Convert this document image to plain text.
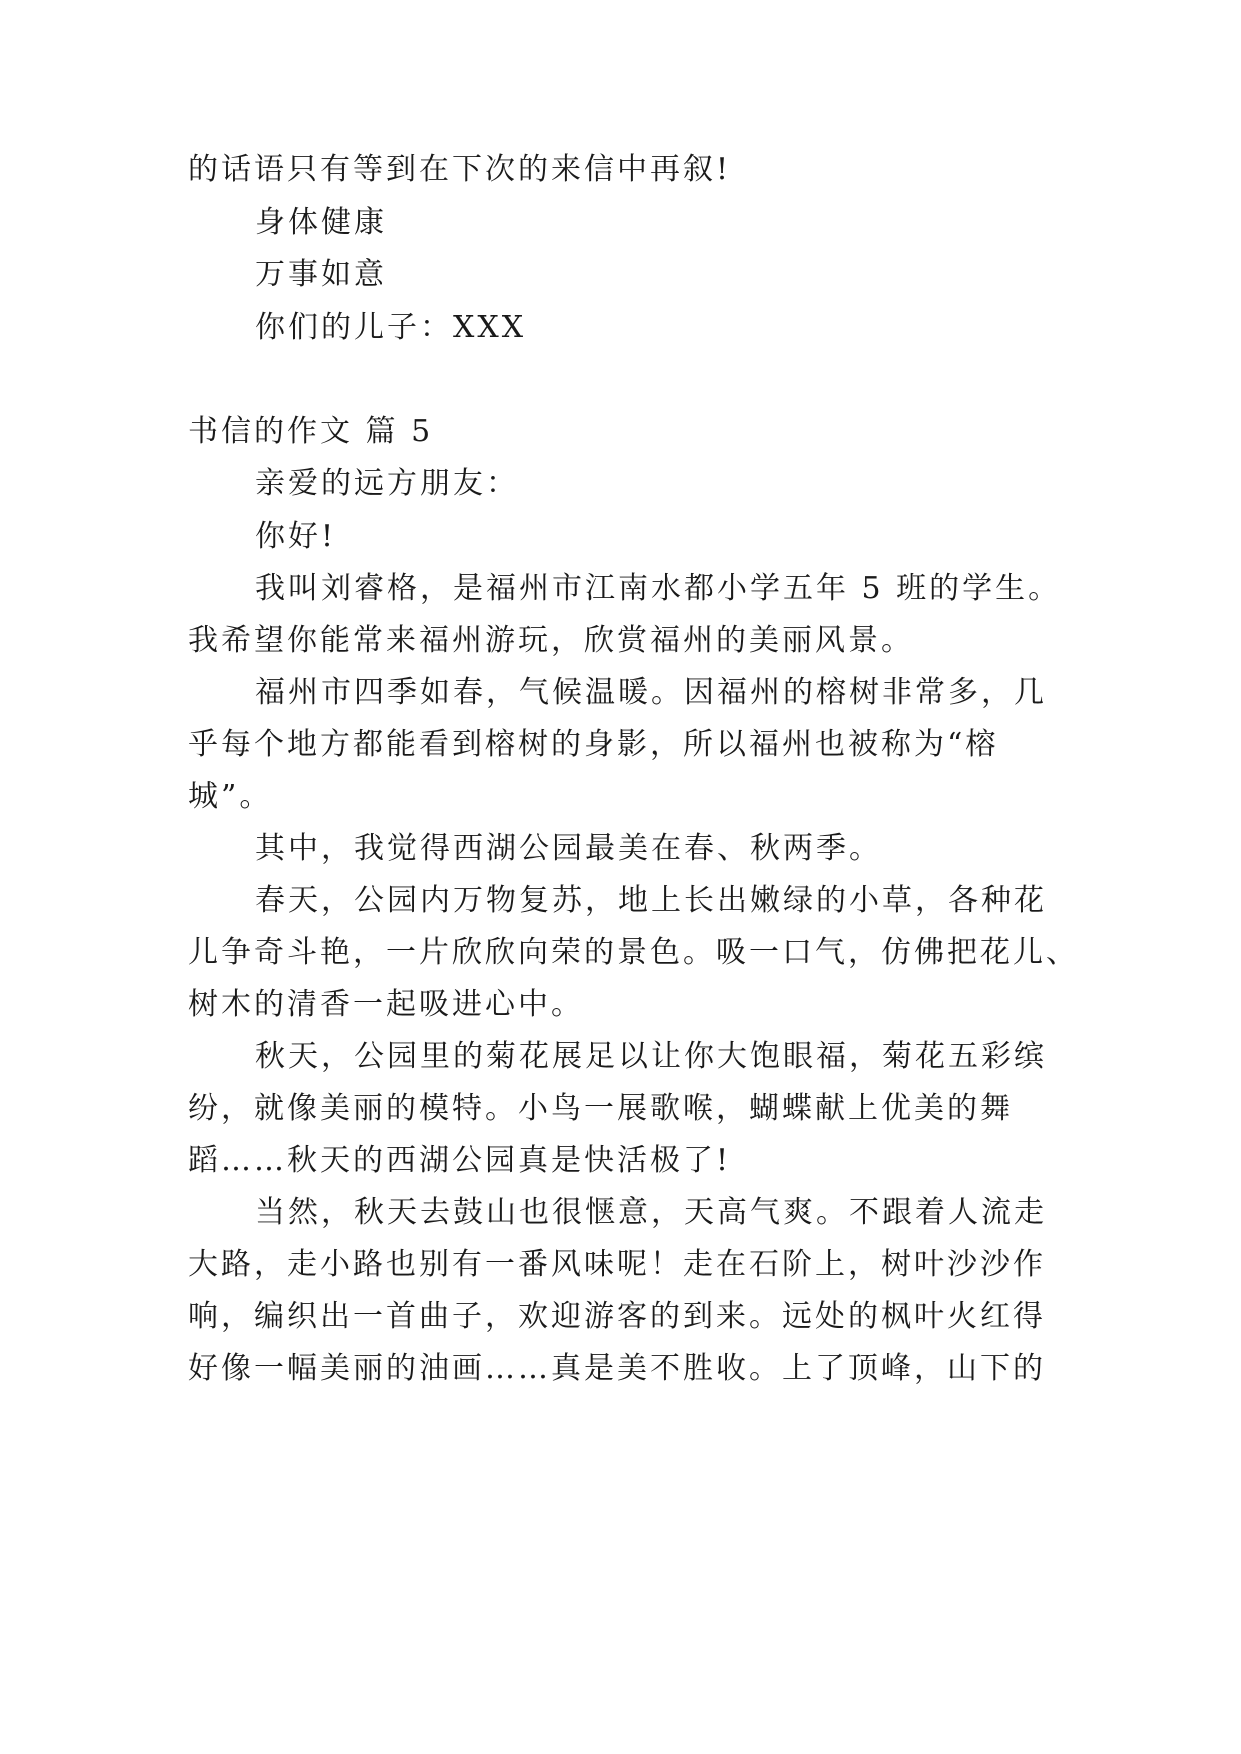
的话语只有等到在下次的来信中再叙!
身体健康
万事如意
你们的儿子：XXX
书信的作文 篇 5
亲爱的远方朋友：
你好!
我叫刘睿格，是福州市江南水都小学五年 5 班的学生。
我希望你能常来福州游玩，欣赏福州的美丽风景。
福州市四季如春，气候温暖。因福州的榕树非常多，几
乎每个地方都能看到榕树的身影，所以福州也被称为“榕
城”。
其中，我觉得西湖公园最美在春、秋两季。
春天，公园内万物复苏，地上长出嫩绿的小草，各种花
儿争奇斗艳，一片欣欣向荣的景色。吸一口气，仿佛把花儿、
树木的清香一起吸进心中。
秋天，公园里的菊花展足以让你大饱眼福，菊花五彩缤
纷，就像美丽的模特。小鸟一展歌喉，蝴蝶献上优美的舞
蹈……秋天的西湖公园真是快活极了!
当然，秋天去鼓山也很惬意，天高气爽。不跟着人流走
大路，走小路也别有一番风味呢！走在石阶上，树叶沙沙作
响，编织出一首曲子，欢迎游客的到来。远处的枫叶火红得
好像一幅美丽的油画……真是美不胜收。上了顶峰，山下的
